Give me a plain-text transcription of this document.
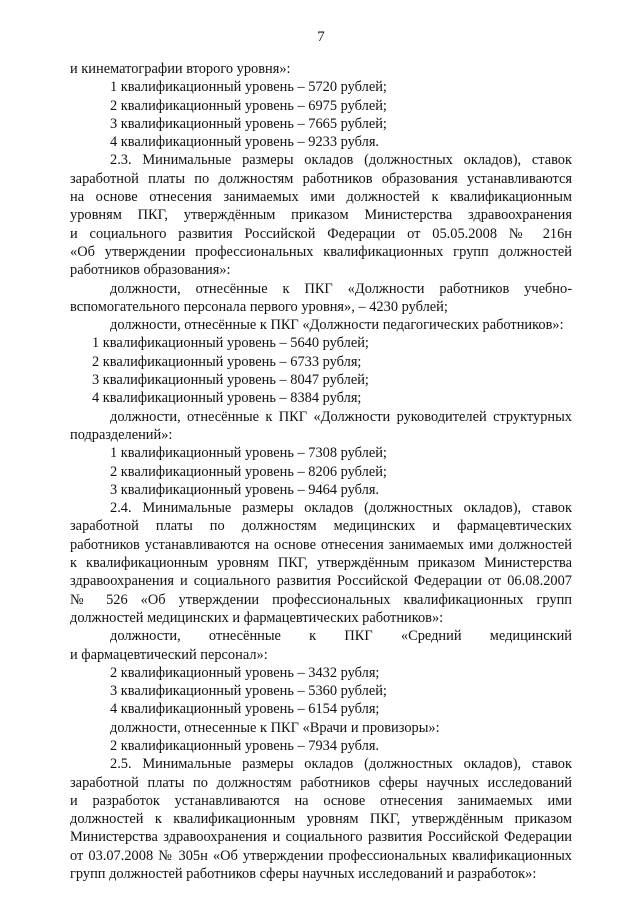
7
и кинематографии второго уровня»:
1 квалификационный уровень – 5720 рублей;
2 квалификационный уровень – 6975 рублей;
3 квалификационный уровень – 7665 рублей;
4 квалификационный уровень – 9233 рубля.
2.3. Минимальные размеры окладов (должностных окладов), ставок
заработной платы по должностям работников образования устанавливаются
на основе отнесения занимаемых ими должностей к квалификационным
уровням ПКГ, утверждённым приказом Министерства здравоохранения
и социального развития Российской Федерации от 05.05.2008 № 216н
«Об утверждении профессиональных квалификационных групп должностей
работников образования»:
должности, отнесённые к ПКГ «Должности работников учебно-
вспомогательного персонала первого уровня», – 4230 рублей;
должности, отнесённые к ПКГ «Должности педагогических работников»:
1 квалификационный уровень – 5640 рублей;
2 квалификационный уровень – 6733 рубля;
3 квалификационный уровень – 8047 рублей;
4 квалификационный уровень – 8384 рубля;
должности, отнесённые к ПКГ «Должности руководителей структурных
подразделений»:
1 квалификационный уровень – 7308 рублей;
2 квалификационный уровень – 8206 рублей;
3 квалификационный уровень – 9464 рубля.
2.4. Минимальные размеры окладов (должностных окладов), ставок
заработной платы по должностям медицинских и фармацевтических
работников устанавливаются на основе отнесения занимаемых ими должностей
к квалификационным уровням ПКГ, утверждённым приказом Министерства
здравоохранения и социального развития Российской Федерации от 06.08.2007
№ 526 «Об утверждении профессиональных квалификационных групп
должностей медицинских и фармацевтических работников»:
должности, отнесённые к ПКГ «Средний медицинский
и фармацевтический персонал»:
2 квалификационный уровень – 3432 рубля;
3 квалификационный уровень – 5360 рублей;
4 квалификационный уровень – 6154 рубля;
должности, отнесенные к ПКГ «Врачи и провизоры»:
2 квалификационный уровень – 7934 рубля.
2.5. Минимальные размеры окладов (должностных окладов), ставок
заработной платы по должностям работников сферы научных исследований
и разработок устанавливаются на основе отнесения занимаемых ими
должностей к квалификационным уровням ПКГ, утверждённым приказом
Министерства здравоохранения и социального развития Российской Федерации
от 03.07.2008 № 305н «Об утверждении профессиональных квалификационных
групп должностей работников сферы научных исследований и разработок»:
